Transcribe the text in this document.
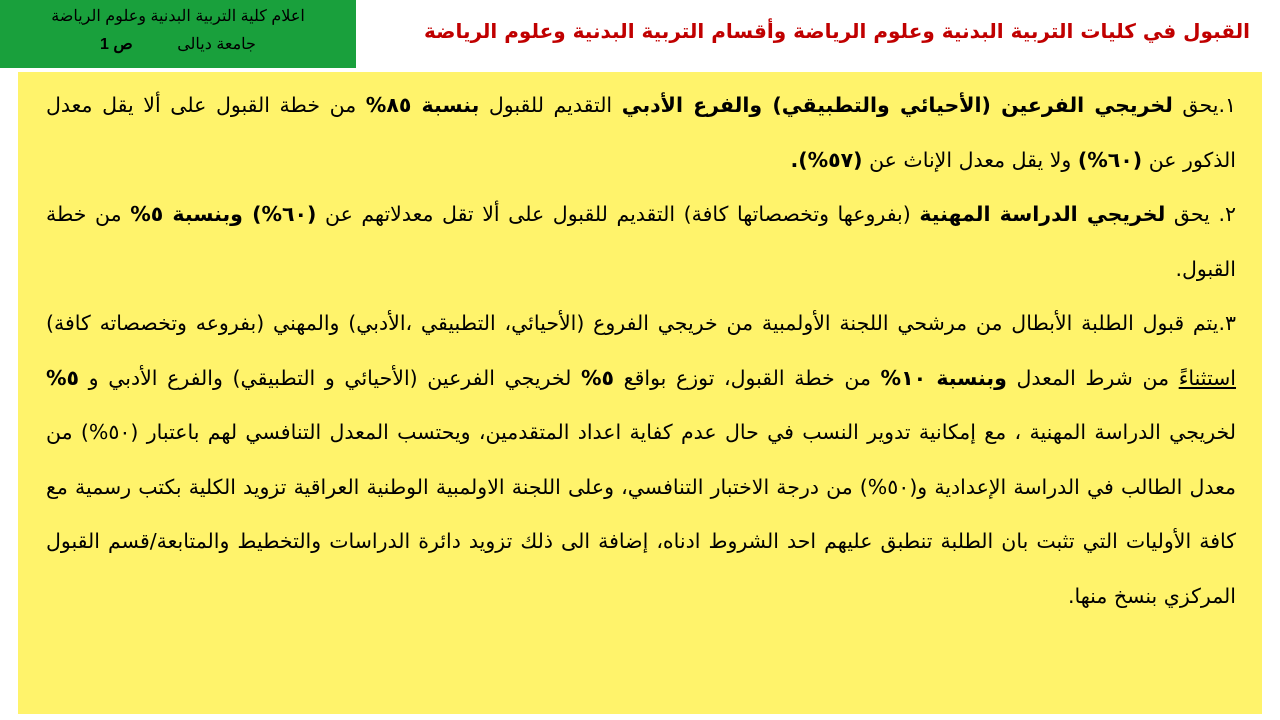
القبول في كليات التربية البدنية وعلوم الرياضة وأقسام التربية البدنية وعلوم الرياضة
اعلام كلية التربية البدنية وعلوم الرياضة
جامعة ديالى ص 1

١.يحق لخريجي الفرعين (الأحيائي والتطبيقي) والفرع الأدبي التقديم للقبول بنسبة ٨٥% من خطة القبول على ألا يقل معدل الذكور عن (٦٠%) ولا يقل معدل الإناث عن (٥٧%).

٢. يحق لخريجي الدراسة المهنية (بفروعها وتخصصاتها كافة) التقديم للقبول على ألا تقل معدلاتهم عن (٦٠%) وبنسبة ٥% من خطة القبول.

٣.يتم قبول الطلبة الأبطال من مرشحي اللجنة الأولمبية من خريجي الفروع (الأحيائي، التطبيقي ،الأدبي) والمهني (بفروعه وتخصصاته كافة) استثناءً من شرط المعدل وبنسبة ١٠% من خطة القبول، توزع بواقع ٥% لخريجي الفرعين (الأحيائي و التطبيقي) والفرع الأدبي و ٥% لخريجي الدراسة المهنية ، مع إمكانية تدوير النسب في حال عدم كفاية اعداد المتقدمين، ويحتسب المعدل التنافسي لهم باعتبار (٥٠%) من معدل الطالب في الدراسة الإعدادية و(٥٠%) من درجة الاختبار التنافسي، وعلى اللجنة الاولمبية الوطنية العراقية تزويد الكلية بكتب رسمية مع كافة الأوليات التي تثبت بان الطلبة تنطبق عليهم احد الشروط ادناه، إضافة الى ذلك تزويد دائرة الدراسات والتخطيط والمتابعة/قسم القبول المركزي بنسخ منها.
